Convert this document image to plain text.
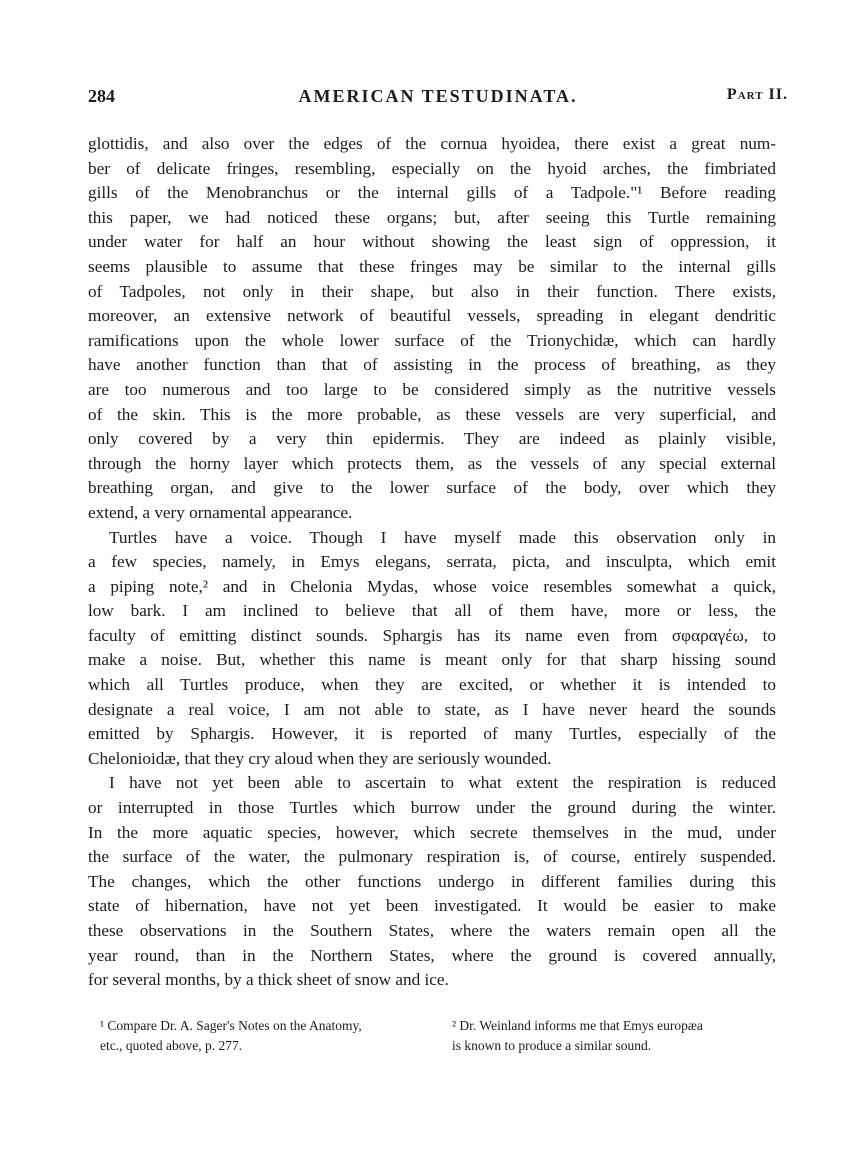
284	AMERICAN TESTUDINATA.	Part II.
glottidis, and also over the edges of the cornua hyoidea, there exist a great num-
ber of delicate fringes, resembling, especially on the hyoid arches, the fimbriated
gills of the Menobranchus or the internal gills of a Tadpole."¹ Before reading
this paper, we had noticed these organs; but, after seeing this Turtle remaining
under water for half an hour without showing the least sign of oppression, it
seems plausible to assume that these fringes may be similar to the internal gills
of Tadpoles, not only in their shape, but also in their function. There exists,
moreover, an extensive network of beautiful vessels, spreading in elegant dendritic
ramifications upon the whole lower surface of the Trionychidæ, which can hardly
have another function than that of assisting in the process of breathing, as they
are too numerous and too large to be considered simply as the nutritive vessels
of the skin. This is the more probable, as these vessels are very superficial, and
only covered by a very thin epidermis. They are indeed as plainly visible,
through the horny layer which protects them, as the vessels of any special external
breathing organ, and give to the lower surface of the body, over which they
extend, a very ornamental appearance.
Turtles have a voice. Though I have myself made this observation only in
a few species, namely, in Emys elegans, serrata, picta, and insculpta, which emit
a piping note,² and in Chelonia Mydas, whose voice resembles somewhat a quick,
low bark. I am inclined to believe that all of them have, more or less, the
faculty of emitting distinct sounds. Sphargis has its name even from σφαραγέω, to
make a noise. But, whether this name is meant only for that sharp hissing sound
which all Turtles produce, when they are excited, or whether it is intended to
designate a real voice, I am not able to state, as I have never heard the sounds
emitted by Sphargis. However, it is reported of many Turtles, especially of the
Chelonioidæ, that they cry aloud when they are seriously wounded.
I have not yet been able to ascertain to what extent the respiration is reduced
or interrupted in those Turtles which burrow under the ground during the winter.
In the more aquatic species, however, which secrete themselves in the mud, under
the surface of the water, the pulmonary respiration is, of course, entirely suspended.
The changes, which the other functions undergo in different families during this
state of hibernation, have not yet been investigated. It would be easier to make
these observations in the Southern States, where the waters remain open all the
year round, than in the Northern States, where the ground is covered annually,
for several months, by a thick sheet of snow and ice.
¹ Compare Dr. A. Sager's Notes on the Anatomy,
etc., quoted above, p. 277.
² Dr. Weinland informs me that Emys europæa
is known to produce a similar sound.
